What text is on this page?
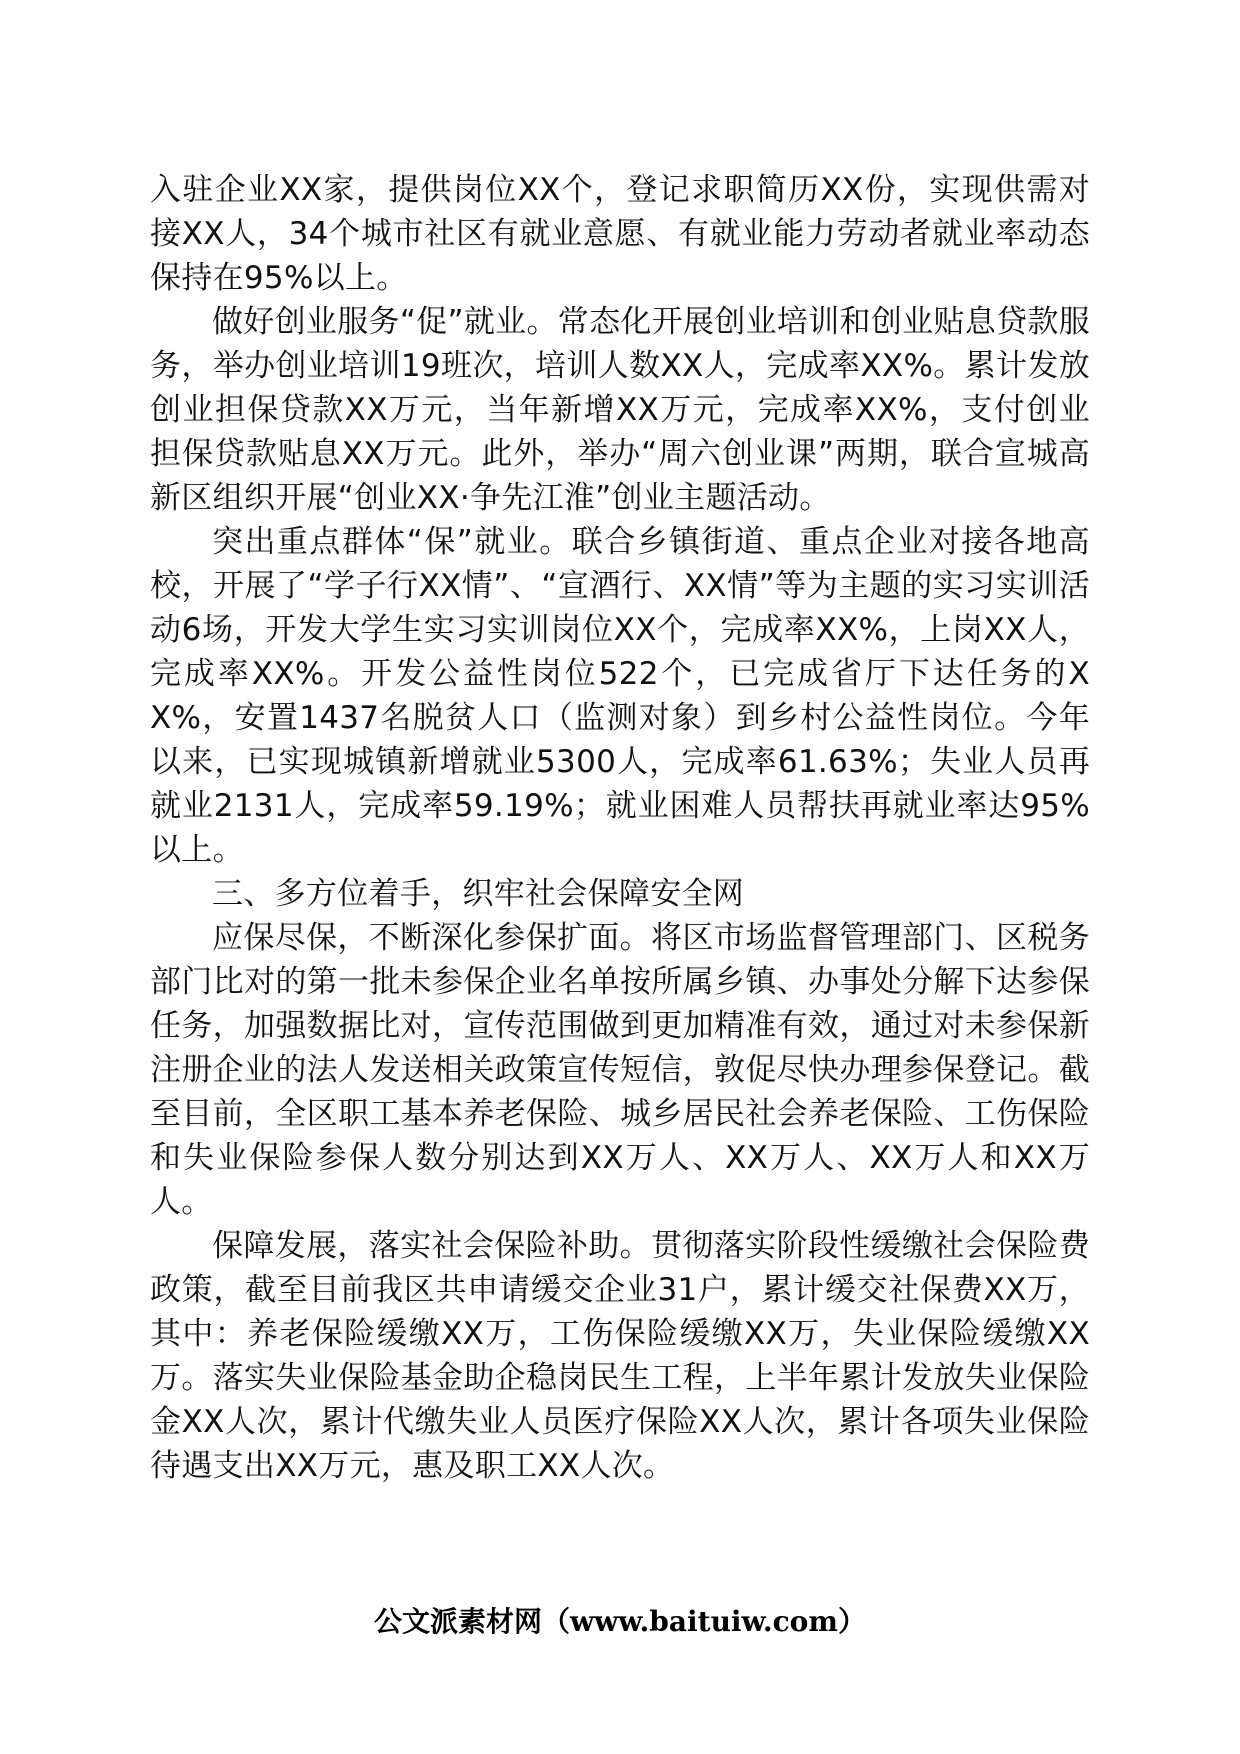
入驻企业XX家，提供岗位XX个，登记求职简历XX份，实现供需对接XX人，34个城市社区有就业意愿、有就业能力劳动者就业率动态保持在95%以上。

做好创业服务“促”就业。常态化开展创业培训和创业贴息贷款服务，举办创业培训19班次，培训人数XX人，完成率XX%。累计发放创业担保贷款XX万元，当年新增XX万元，完成率XX%，支付创业担保贷款贴息XX万元。此外，举办“周六创业课”两期，联合宣城高新区组织开展“创业XX·争先江淮”创业主题活动。

突出重点群体“保”就业。联合乡镇街道、重点企业对接各地高校，开展了“学子行XX情”、“宣酒行、XX情”等为主题的实习实训活动6场，开发大学生实习实训岗位XX个，完成率XX%，上岗XX人，完成率XX%。开发公益性岗位522个，已完成省厅下达任务的XX%，安置1437名脱贫人口（监测对象）到乡村公益性岗位。今年以来，已实现城镇新增就业5300人，完成率61.63%；失业人员再就业2131人，完成率59.19%；就业困难人员帮扶再就业率达95%以上。

三、多方位着手，织牢社会保障安全网

应保尽保，不断深化参保扩面。将区市场监督管理部门、区税务部门比对的第一批未参保企业名单按所属乡镇、办事处分解下达参保任务，加强数据比对，宣传范围做到更加精准有效，通过对未参保新注册企业的法人发送相关政策宣传短信，敦促尽快办理参保登记。截至目前，全区职工基本养老保险、城乡居民社会养老保险、工伤保险和失业保险参保人数分别达到XX万人、XX万人、XX万人和XX万人。

保障发展，落实社会保险补助。贯彻落实阶段性缓缴社会保险费政策，截至目前我区共申请缓交企业31户，累计缓交社保费XX万，其中：养老保险缓缴XX万，工伤保险缓缴XX万，失业保险缓缴XX万。落实失业保险基金助企稳岗民生工程，上半年累计发放失业保险金XX人次，累计代缴失业人员医疗保险XX人次，累计各项失业保险待遇支出XX万元，惠及职工XX人次。

公文派素材网（www.baituiw.com）
